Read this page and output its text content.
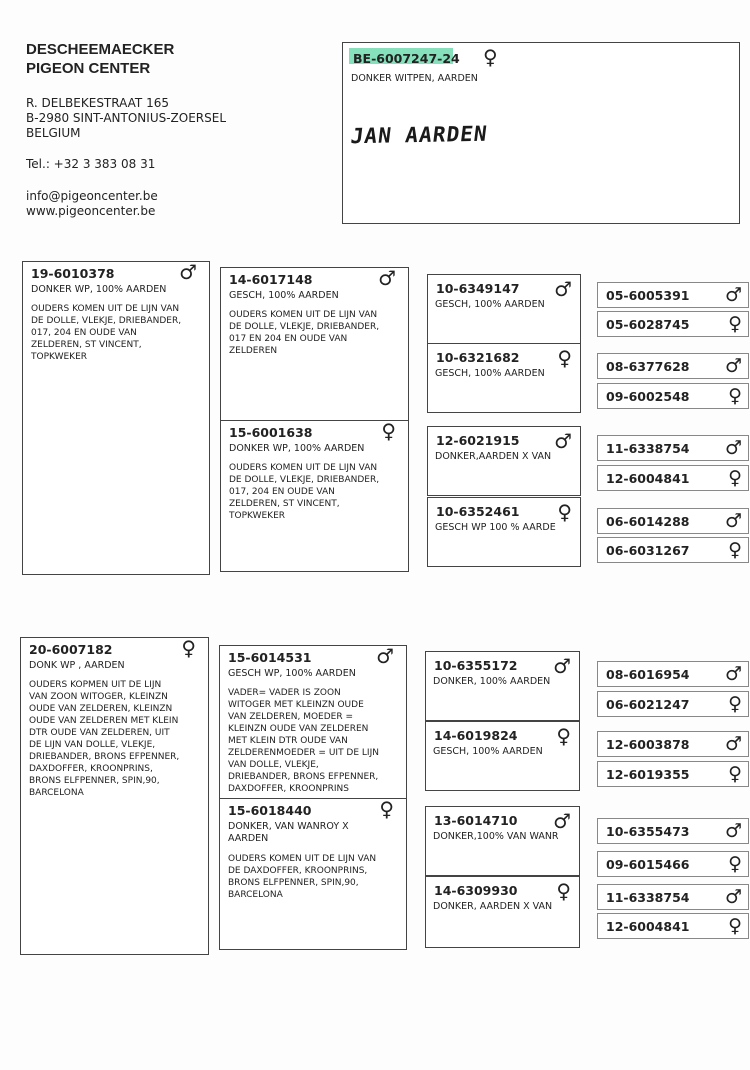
DESCHEEMAECKER
PIGEON CENTER
R. DELBEKESTRAAT 165
B-2980 SINT-ANTONIUS-ZOERSEL
BELGIUM
Tel.: +32 3 383 08 31
info@pigeoncenter.be
www.pigeoncenter.be
BE-6007247-24 ♀
DONKER WITPEN, AARDEN
JAN AARDEN
19-6010378	♂
DONKER WP, 100% AARDEN
OUDERS KOMEN UIT DE LIJN VAN
DE DOLLE, VLEKJE, DRIEBANDER,
017, 204 EN OUDE VAN
ZELDEREN, ST VINCENT,
TOPKWEKER
14-6017148	♂
GESCH, 100% AARDEN
OUDERS KOMEN UIT DE LIJN VAN
DE DOLLE, VLEKJE, DRIEBANDER,
017 EN 204 EN OUDE VAN
ZELDEREN
15-6001638	♀
DONKER WP, 100% AARDEN
OUDERS KOMEN UIT DE LIJN VAN
DE DOLLE, VLEKJE, DRIEBANDER,
017, 204 EN OUDE VAN
ZELDEREN, ST VINCENT,
TOPKWEKER
10-6349147 ♂
GESCH, 100% AARDEN
10-6321682 ♀
GESCH, 100% AARDEN
12-6021915 ♂
DONKER,AARDEN X VAN
10-6352461 ♀
GESCH WP 100 % AARDE
05-6005391 ♂
05-6028745 ♀
08-6377628 ♂
09-6002548 ♀
11-6338754 ♂
12-6004841 ♀
06-6014288 ♂
06-6031267 ♀
20-6007182	♀
DONK WP , AARDEN
OUDERS KOPMEN UIT DE LIJN
VAN ZOON WITOGER, KLEINZN
OUDE VAN ZELDEREN, KLEINZN
OUDE VAN ZELDEREN MET KLEIN
DTR OUDE VAN ZELDEREN, UIT
DE LIJN VAN DOLLE, VLEKJE,
DRIEBANDER, BRONS EFPENNER,
DAXDOFFER, KROONPRINS,
BRONS ELFPENNER, SPIN,90,
BARCELONA
15-6014531	♂
GESCH WP, 100% AARDEN
VADER= VADER IS ZOON
WITOGER MET KLEINZN OUDE
VAN ZELDEREN, MOEDER =
KLEINZN OUDE VAN ZELDEREN
MET KLEIN DTR OUDE VAN
ZELDERENMOEDER = UIT DE LIJN
VAN DOLLE, VLEKJE,
DRIEBANDER, BRONS EFPENNER,
DAXDOFFER, KROONPRINS
15-6018440	♀
DONKER, VAN WANROY X
AARDEN
OUDERS KOMEN UIT DE LIJN VAN
DE DAXDOFFER, KROONPRINS,
BRONS ELFPENNER, SPIN,90,
BARCELONA
10-6355172 ♂
DONKER, 100% AARDEN
14-6019824 ♀
GESCH, 100% AARDEN
13-6014710 ♂
DONKER,100% VAN WANR
14-6309930 ♀
DONKER, AARDEN X VAN
08-6016954 ♂
06-6021247 ♀
12-6003878 ♂
12-6019355 ♀
10-6355473 ♂
09-6015466 ♀
11-6338754 ♂
12-6004841 ♀
